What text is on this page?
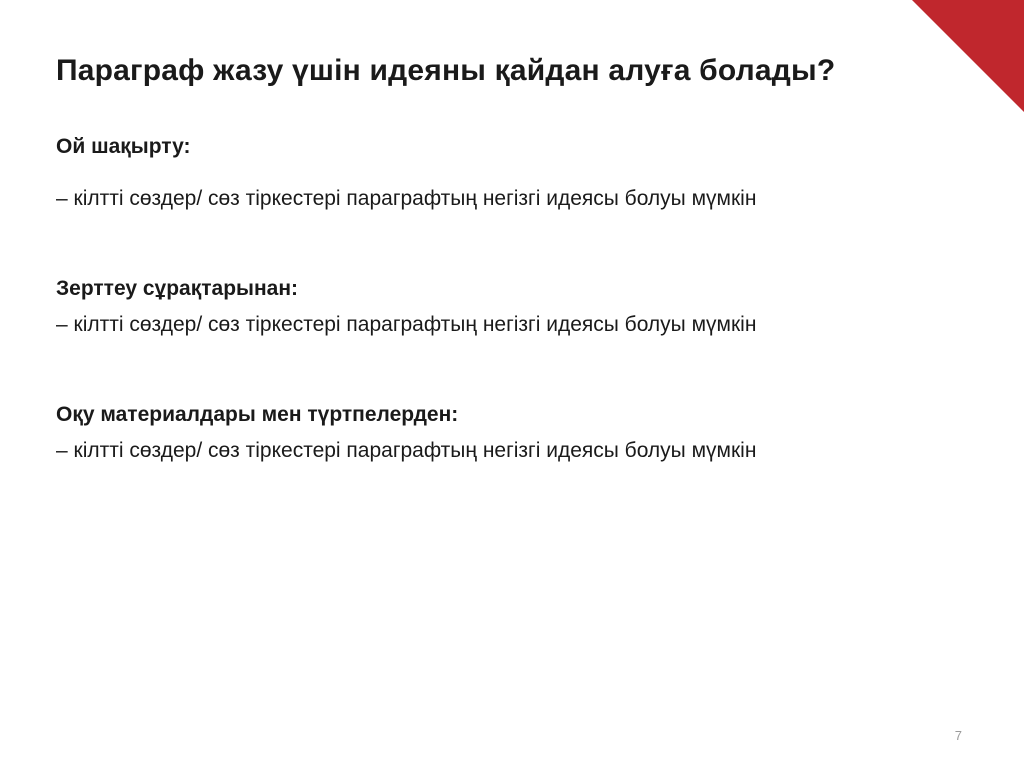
Параграф жазу үшін идеяны қайдан алуға болады?

Ой шақырту:

– кілтті сөздер/ сөз тіркестері параграфтың негізгі идеясы болуы мүмкін

Зерттеу сұрақтарынан:

– кілтті сөздер/ сөз тіркестері параграфтың негізгі идеясы болуы мүмкін

Оқу материалдары мен түртпелерден:

– кілтті сөздер/ сөз тіркестері параграфтың негізгі идеясы болуы мүмкін

7
